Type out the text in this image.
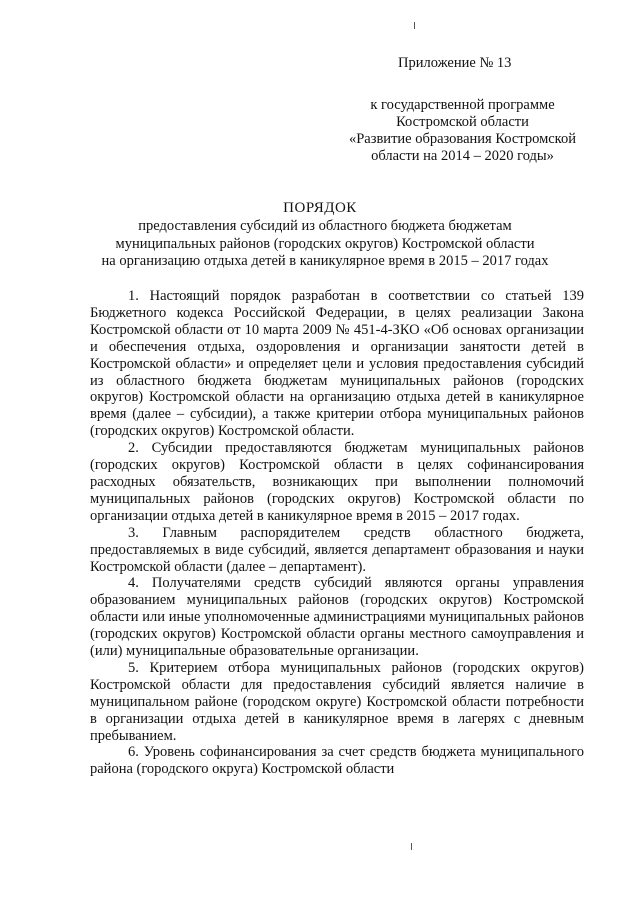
Приложение № 13
к государственной программе
Костромской области
«Развитие образования Костромской
области на 2014 – 2020 годы»
ПОРЯДОК
предоставления субсидий из областного бюджета бюджетам
муниципальных районов (городских округов) Костромской области
на организацию отдыха детей в каникулярное время в 2015 – 2017 годах

1. Настоящий порядок разработан в соответствии со статьей 139 Бюджетного кодекса Российской Федерации, в целях реализации Закона Костромской области от 10 марта 2009 № 451-4-ЗКО «Об основах организации и обеспечения отдыха, оздоровления и организации занятости детей в Костромской области» и определяет цели и условия предоставления субсидий из областного бюджета бюджетам муниципальных районов (городских округов) Костромской области на организацию отдыха детей в каникулярное время (далее – субсидии), а также критерии отбора муниципальных районов (городских округов) Костромской области.

2. Субсидии предоставляются бюджетам муниципальных районов (городских округов) Костромской области в целях софинансирования расходных обязательств, возникающих при выполнении полномочий муниципальных районов (городских округов) Костромской области по организации отдыха детей в каникулярное время в 2015 – 2017 годах.

3. Главным распорядителем средств областного бюджета, предоставляемых в виде субсидий, является департамент образования и науки Костромской области (далее – департамент).

4. Получателями средств субсидий являются органы управления образованием муниципальных районов (городских округов) Костромской области или иные уполномоченные администрациями муниципальных районов (городских округов) Костромской области органы местного самоуправления и (или) муниципальные образовательные организации.

5. Критерием отбора муниципальных районов (городских округов) Костромской области для предоставления субсидий является наличие в муниципальном районе (городском округе) Костромской области потребности в организации отдыха детей в каникулярное время в лагерях с дневным пребыванием.

6. Уровень софинансирования за счет средств бюджета муниципального района (городского округа) Костромской области
